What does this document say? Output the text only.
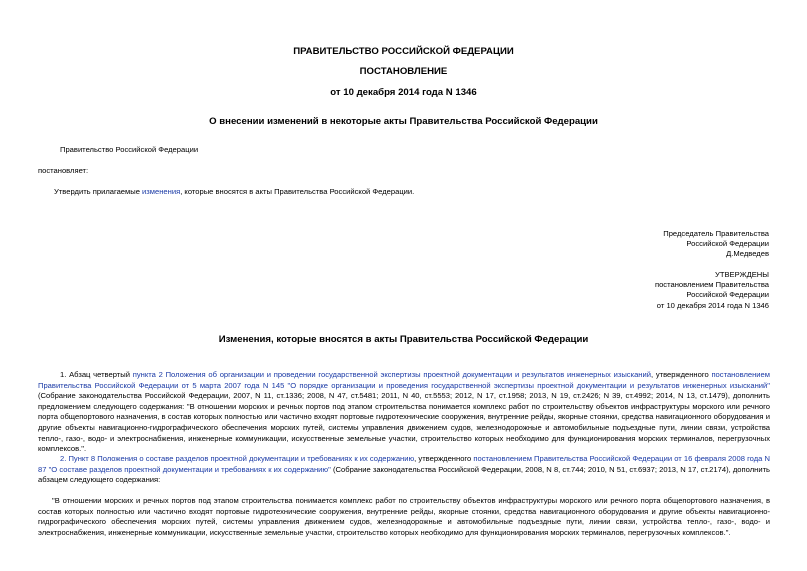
ПРАВИТЕЛЬСТВО РОССИЙСКОЙ ФЕДЕРАЦИИ
ПОСТАНОВЛЕНИЕ
от 10 декабря 2014 года N 1346
О внесении изменений в некоторые акты Правительства Российской Федерации
Правительство Российской Федерации
постановляет:
Утвердить прилагаемые изменения, которые вносятся в акты Правительства Российской Федерации.
Председатель Правительства
Российской Федерации
Д.Медведев
УТВЕРЖДЕНЫ
постановлением Правительства
Российской Федерации
от 10 декабря 2014 года N 1346
Изменения, которые вносятся в акты Правительства Российской Федерации
1. Абзац четвертый пункта 2 Положения об организации и проведении государственной экспертизы проектной документации и результатов инженерных изысканий, утвержденного постановлением Правительства Российской Федерации от 5 марта 2007 года N 145 "О порядке организации и проведения государственной экспертизы проектной документации и результатов инженерных изысканий" (Собрание законодательства Российской Федерации, 2007, N 11, ст.1336; 2008, N 47, ст.5481; 2011, N 40, ст.5553; 2012, N 17, ст.1958; 2013, N 19, ст.2426; N 39, ст.4992; 2014, N 13, ст.1479), дополнить предложением следующего содержания: "В отношении морских и речных портов под этапом строительства понимается комплекс работ по строительству объектов инфраструктуры морского или речного порта общепортового назначения, в состав которых полностью или частично входят портовые гидротехнические сооружения, внутренние рейды, якорные стоянки, средства навигационного оборудования и другие объекты навигационно-гидрографического обеспечения морских путей, системы управления движением судов, железнодорожные и автомобильные подъездные пути, линии связи, устройства тепло-, газо-, водо- и электроснабжения, инженерные коммуникации, искусственные земельные участки, строительство которых необходимо для функционирования морских терминалов, перегрузочных комплексов.".
2. Пункт 8 Положения о составе разделов проектной документации и требованиях к их содержанию, утвержденного постановлением Правительства Российской Федерации от 16 февраля 2008 года N 87 "О составе разделов проектной документации и требованиях к их содержанию" (Собрание законодательства Российской Федерации, 2008, N 8, ст.744; 2010, N 51, ст.6937; 2013, N 17, ст.2174), дополнить абзацем следующего содержания:
"В отношении морских и речных портов под этапом строительства понимается комплекс работ по строительству объектов инфраструктуры морского или речного порта общепортового назначения, в состав которых полностью или частично входят портовые гидротехнические сооружения, внутренние рейды, якорные стоянки, средства навигационного оборудования и другие объекты навигационно-гидрографического обеспечения морских путей, системы управления движением судов, железнодорожные и автомобильные подъездные пути, линии связи, устройства тепло-, газо-, водо- и электроснабжения, инженерные коммуникации, искусственные земельные участки, строительство которых необходимо для функционирования морских терминалов, перегрузочных комплексов.".
